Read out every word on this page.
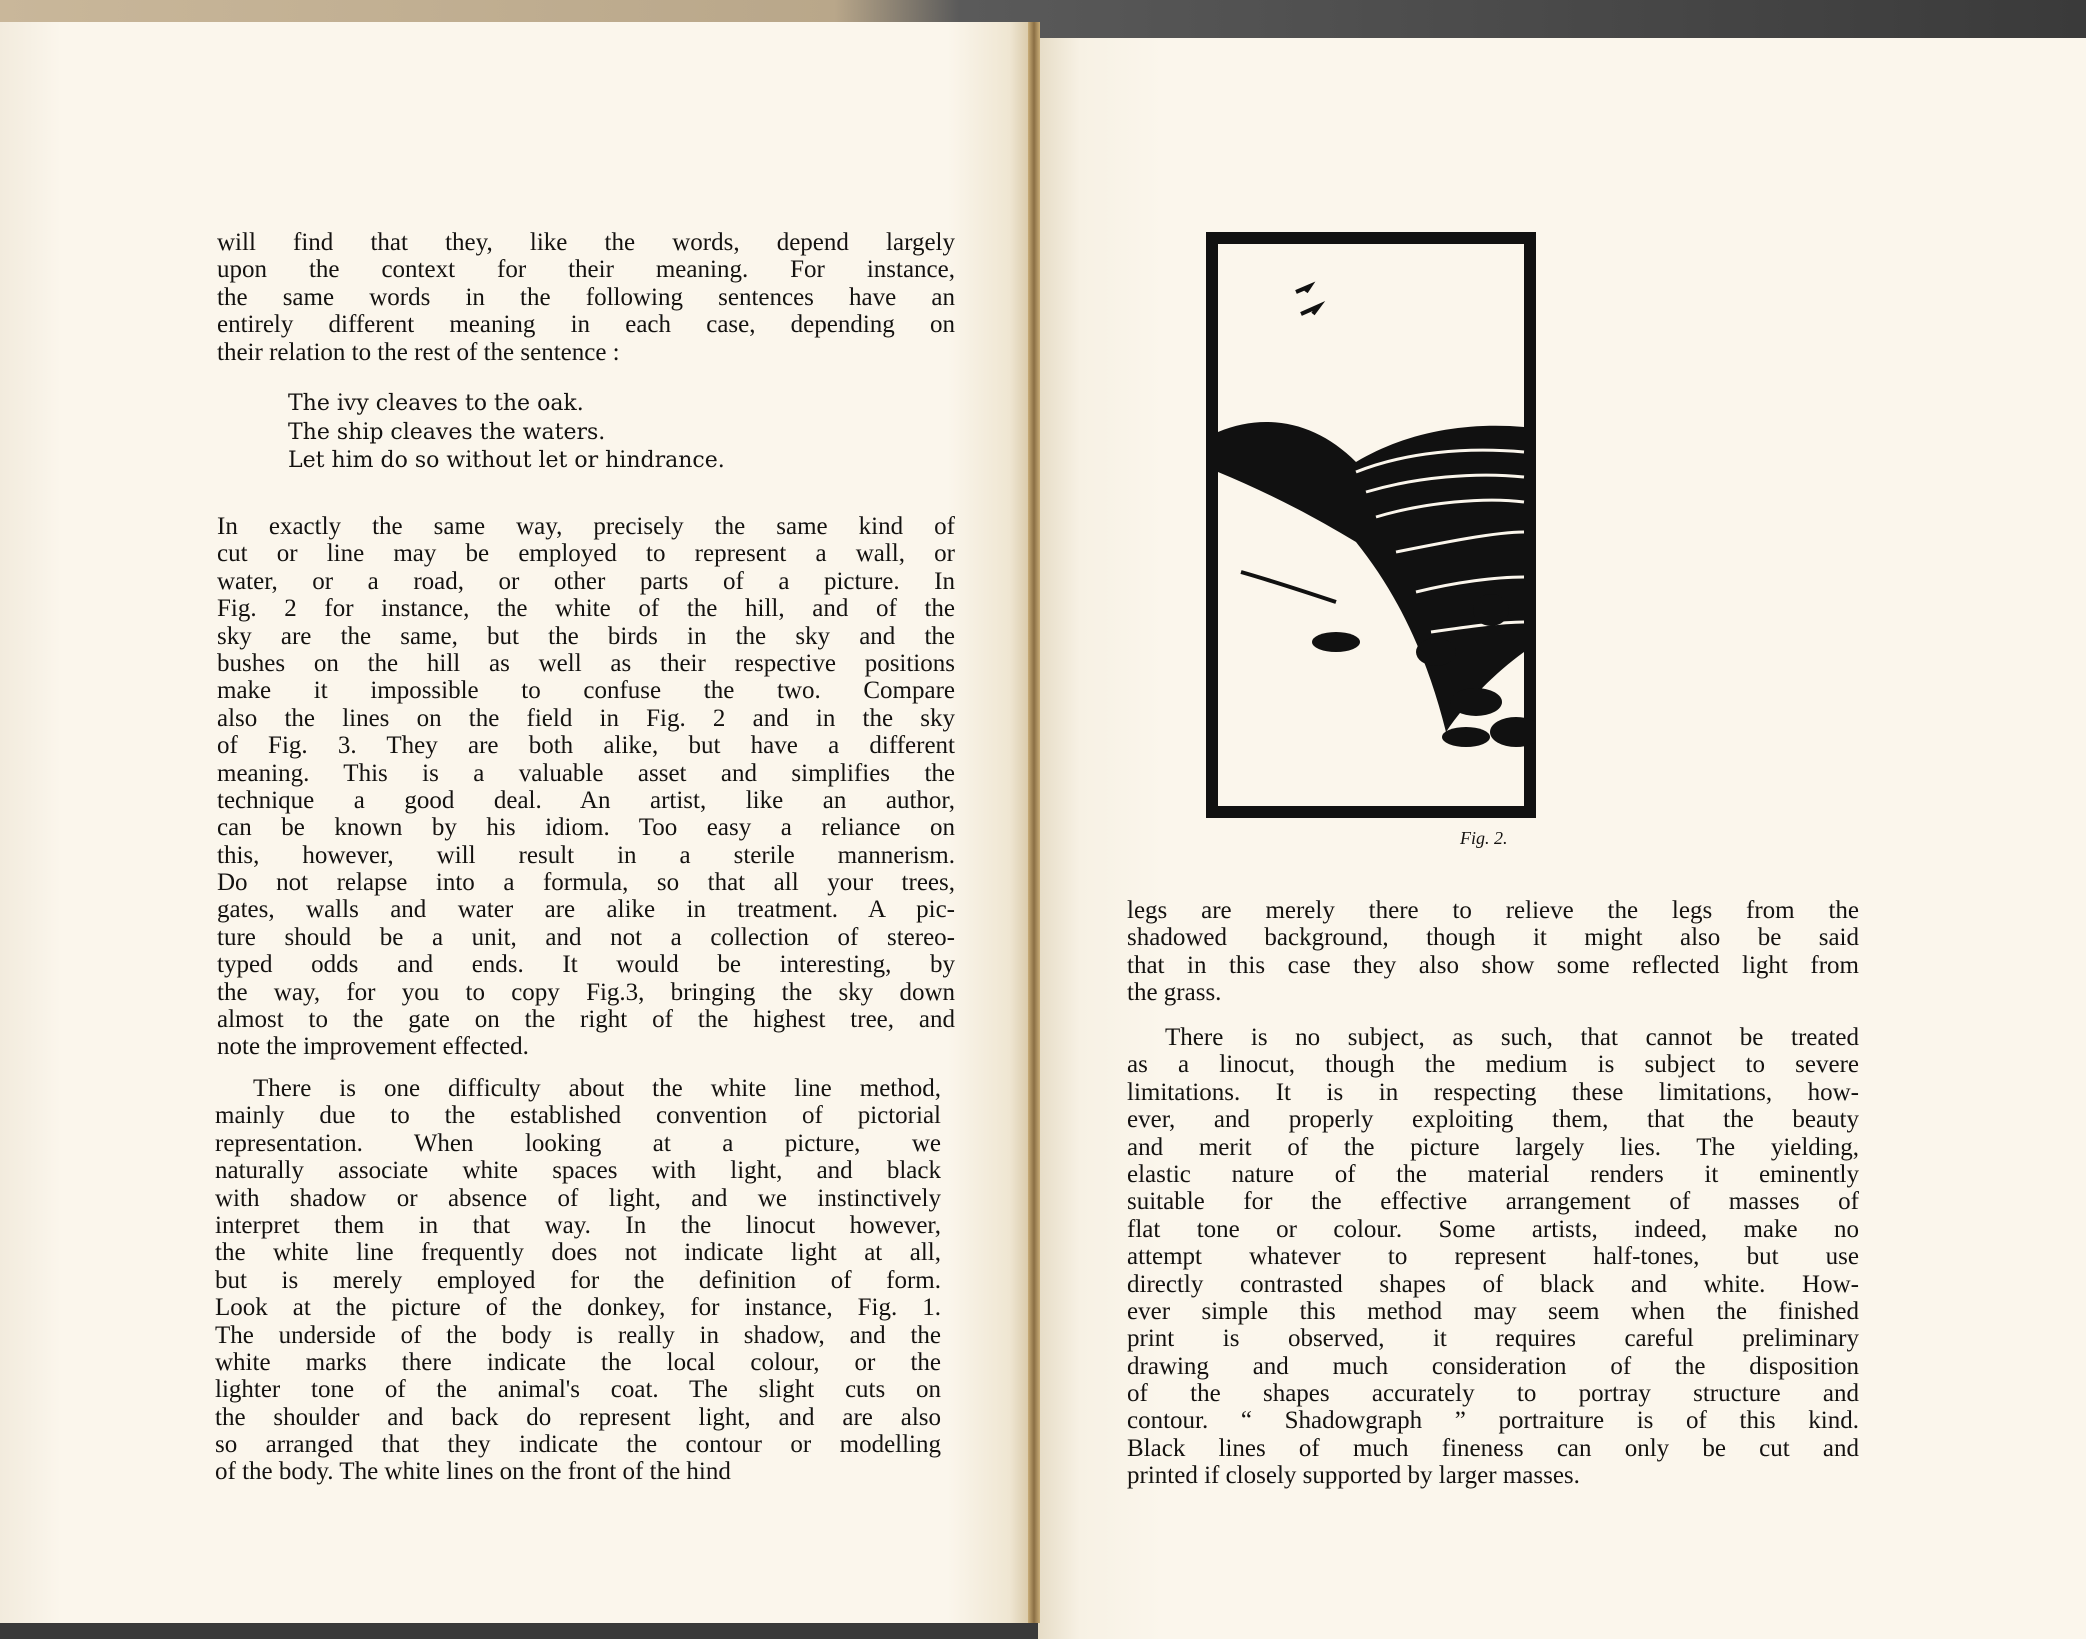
will find that they, like the words, depend largely
upon the context for their meaning. For instance,
the same words in the following sentences have an
entirely different meaning in each case, depending on
their relation to the rest of the sentence :
The ivy cleaves to the oak.
The ship cleaves the waters.
Let him do so without let or hindrance.
In exactly the same way, precisely the same kind of
cut or line may be employed to represent a wall, or
water, or a road, or other parts of a picture. In
Fig. 2 for instance, the white of the hill, and of the
sky are the same, but the birds in the sky and the
bushes on the hill as well as their respective positions
make it impossible to confuse the two. Compare
also the lines on the field in Fig. 2 and in the sky
of Fig. 3. They are both alike, but have a different
meaning. This is a valuable asset and simplifies the
technique a good deal. An artist, like an author,
can be known by his idiom. Too easy a reliance on
this, however, will result in a sterile mannerism.
Do not relapse into a formula, so that all your trees,
gates, walls and water are alike in treatment. A pic-
ture should be a unit, and not a collection of stereo-
typed odds and ends. It would be interesting, by
the way, for you to copy Fig.3, bringing the sky down
almost to the gate on the right of the highest tree, and
note the improvement effected.
There is one difficulty about the white line method,
mainly due to the established convention of pictorial
representation. When looking at a picture, we
naturally associate white spaces with light, and black
with shadow or absence of light, and we instinctively
interpret them in that way. In the linocut however,
the white line frequently does not indicate light at all,
but is merely employed for the definition of form.
Look at the picture of the donkey, for instance, Fig. 1.
The underside of the body is really in shadow, and the
white marks there indicate the local colour, or the
lighter tone of the animal's coat. The slight cuts on
the shoulder and back do represent light, and are also
so arranged that they indicate the contour or modelling
of the body. The white lines on the front of the hind
Fig. 2.
legs are merely there to relieve the legs from the
shadowed background, though it might also be said
that in this case they also show some reflected light from
the grass.
There is no subject, as such, that cannot be treated
as a linocut, though the medium is subject to severe
limitations. It is in respecting these limitations, how-
ever, and properly exploiting them, that the beauty
and merit of the picture largely lies. The yielding,
elastic nature of the material renders it eminently
suitable for the effective arrangement of masses of
flat tone or colour. Some artists, indeed, make no
attempt whatever to represent half-tones, but use
directly contrasted shapes of black and white. How-
ever simple this method may seem when the finished
print is observed, it requires careful preliminary
drawing and much consideration of the disposition
of the shapes accurately to portray structure and
contour. “ Shadowgraph ” portraiture is of this kind.
Black lines of much fineness can only be cut and
printed if closely supported by larger masses.
